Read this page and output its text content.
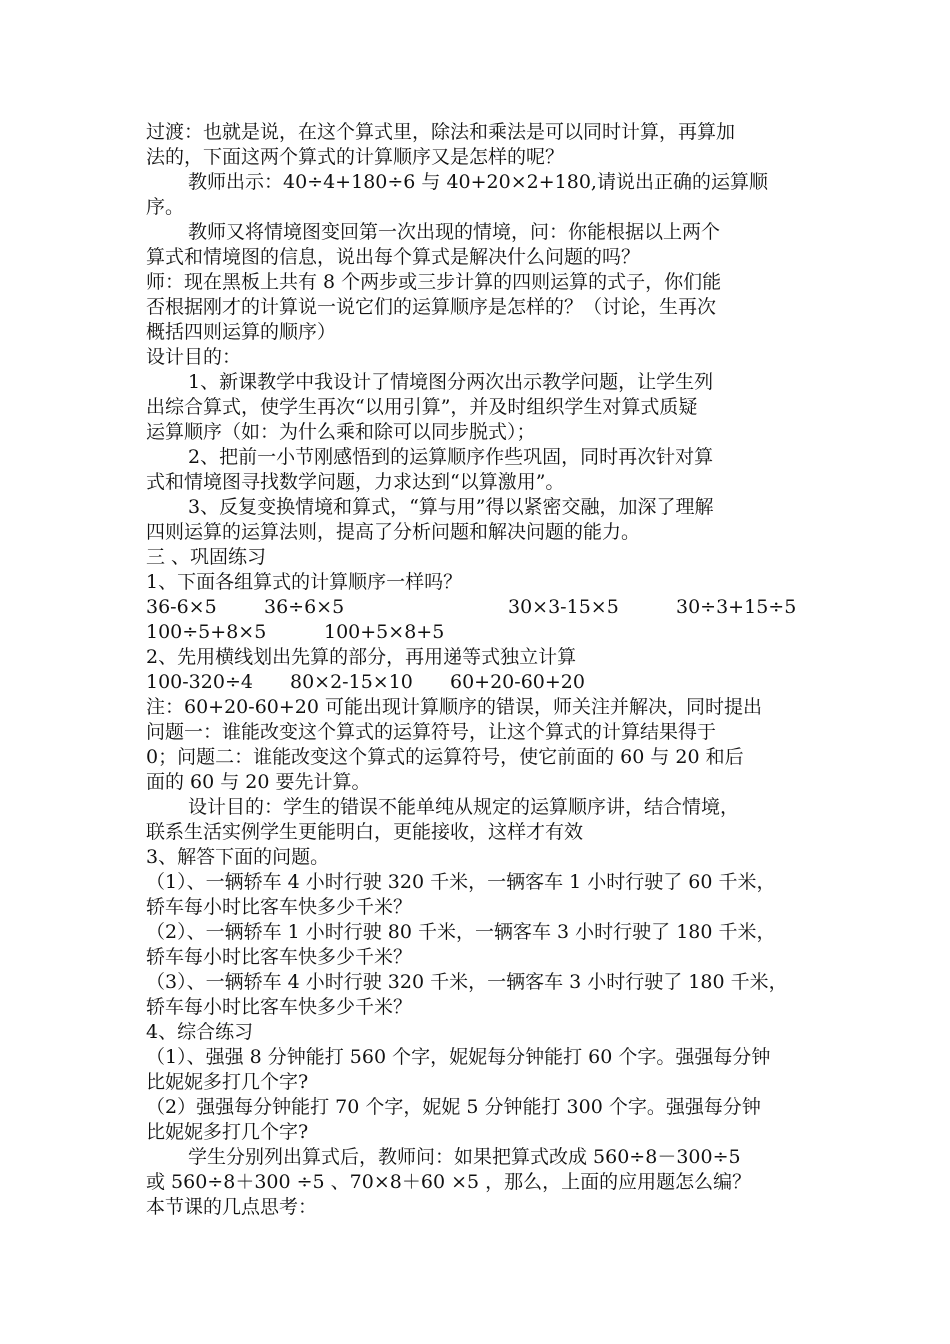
过渡：也就是说，在这个算式里，除法和乘法是可以同时计算，再算加
法的，下面这两个算式的计算顺序又是怎样的呢？
教师出示：40÷4+180÷6 与 40+20×2+180,请说出正确的运算顺
序。
教师又将情境图变回第一次出现的情境，问：你能根据以上两个
算式和情境图的信息，说出每个算式是解决什么问题的吗？
师：现在黑板上共有 8 个两步或三步计算的四则运算的式子，你们能
否根据刚才的计算说一说它们的运算顺序是怎样的？（讨论，生再次
概括四则运算的顺序）
设计目的：
1、新课教学中我设计了情境图分两次出示教学问题，让学生列
出综合算式，使学生再次“以用引算”，并及时组织学生对算式质疑
运算顺序（如：为什么乘和除可以同步脱式）；
2、把前一小节刚感悟到的运算顺序作些巩固，同时再次针对算
式和情境图寻找数学问题，力求达到“以算激用”。
3、反复变换情境和算式，“算与用”得以紧密交融，加深了理解
四则运算的运算法则，提高了分析问题和解决问题的能力。
三 、巩固练习
1、下面各组算式的计算顺序一样吗？
36-6×5 36÷6×5	30×3-15×5	30÷3+15÷5
100÷5+8×5	100+5×8+5
2、先用横线划出先算的部分，再用递等式独立计算
100-320÷4 80×2-15×10 60+20-60+20
注：60+20-60+20 可能出现计算顺序的错误，师关注并解决，同时提出
问题一：谁能改变这个算式的运算符号，让这个算式的计算结果得于
0；问题二：谁能改变这个算式的运算符号，使它前面的 60 与 20 和后
面的 60 与 20 要先计算。
设计目的：学生的错误不能单纯从规定的运算顺序讲，结合情境，
联系生活实例学生更能明白，更能接收，这样才有效
3、解答下面的问题。
（1）、一辆轿车 4 小时行驶 320 千米，一辆客车 1 小时行驶了 60 千米，
轿车每小时比客车快多少千米？
（2）、一辆轿车 1 小时行驶 80 千米，一辆客车 3 小时行驶了 180 千米，
轿车每小时比客车快多少千米？
（3）、一辆轿车 4 小时行驶 320 千米，一辆客车 3 小时行驶了 180 千米，
轿车每小时比客车快多少千米？
4、综合练习
（1）、强强 8 分钟能打 560 个字，妮妮每分钟能打 60 个字。强强每分钟
比妮妮多打几个字?
（2）强强每分钟能打 70 个字，妮妮 5 分钟能打 300 个字。强强每分钟
比妮妮多打几个字?
学生分别列出算式后，教师问：如果把算式改成 560÷8－300÷5
或 560÷8＋300 ÷5 、70×8＋60 ×5 ，那么，上面的应用题怎么编？
本节课的几点思考：
